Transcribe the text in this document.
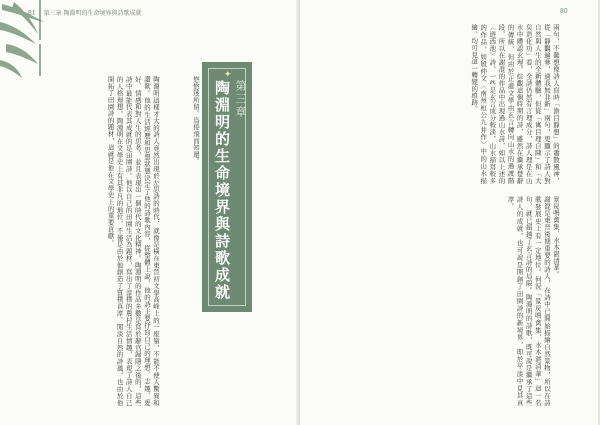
81 第三章 陶淵明的生命境界與詩歌成就

陶淵明這樣才大的詩人竟然出現於左思詩的時代，就像是橫在東晉初文學高峰上的一座嶺，不能不使人驚異和讚歎。他的生活經歷和思想狀態決定了他的詩歌內容，從整體上說，他的詩主要抒寫自己的理想、志趣、愛好、情感和對人生的思考，並且表現出一個時代的文化精神。陶淵明的作品多數是寫於辭官歸隱之後的，這些詩中最能代表其成就的是田園詩。他以自己的田園生活為題材，寫出了淳樸的農村生活情趣，表現了詩人自己的人格理想。陶淵明在文學史上有其非凡的地位，不僅是由於他創造了質樸真淳、閒淡自然的詩風，也由於他開拓了田園詩的題材，這就是他在文學史上的重要貢獻。	悠悠迷所留。鳥倦飛而知還。

✦
第三章
陶淵明的生命境界與詩歌成就
80

兩句，不難想像詩人寫時「澹目靜想」的蕭散風神，從「靜觀遍參，適我無非新」兩句，更顯示了詩人對自然與人生的全新體驗，但從「寓目理自陳」和「大矣造化功」看，全詩仍然有言理成分，詩人理是在山水中體認玄理。綜觀這個時期的詩，雖然在繼承楚辭的傳統，但由於正處文學由玄言轉向山水的過渡階段，所以在謝混的作品中出現過山水詩，如以上述的〈遊西池〉詩，一些是玄言成分較淡，山水描寫較多的作品，如殷仲文〈南州桓公九井作〉中的山水描繪，均可見這一轉變的痕跡。

景昃鳴禽集，水木湛清華。

謝混是東晉後期重要的詩人，在詩中已開始描繪自然景物，所以在詩歌發展史上有一定地位。何況「景昃鳴禽集，水木湛清華」這一名句，就已超越了玄言詩的局限。陶淵明的詩歌，既可說是繼承了這些詩人的成就，也可說是開創了田園詩的新境界，即於平淡中見其真淳。
